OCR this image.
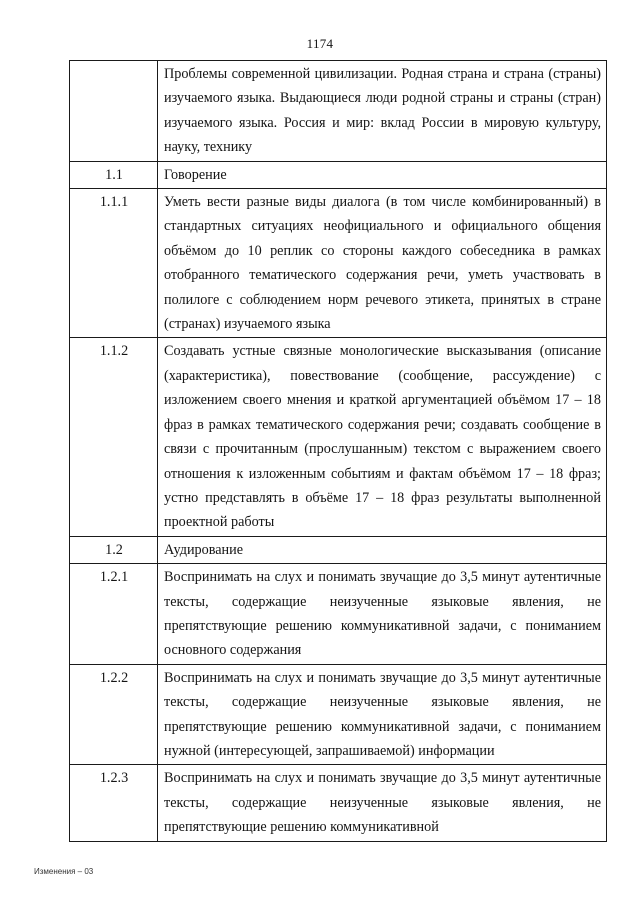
1174
	Проблемы современной цивилизации. Родная страна и страна (страны) изучаемого языка. Выдающиеся люди родной страны и страны (стран) изучаемого языка. Россия и мир: вклад России в мировую культуру, науку, технику
1.1	Говорение
1.1.1	Уметь вести разные виды диалога (в том числе комбинированный) в стандартных ситуациях неофициального и официального общения объёмом до 10 реплик со стороны каждого собеседника в рамках отобранного тематического содержания речи, уметь участвовать в полилоге с соблюдением норм речевого этикета, принятых в стране (странах) изучаемого языка
1.1.2	Создавать устные связные монологические высказывания (описание (характеристика), повествование (сообщение, рассуждение) с изложением своего мнения и краткой аргументацией объёмом 17 – 18 фраз в рамках тематического содержания речи; создавать сообщение в связи с прочитанным (прослушанным) текстом с выражением своего отношения к изложенным событиям и фактам объёмом 17 – 18 фраз; устно представлять в объёме 17 – 18 фраз результаты выполненной проектной работы
1.2	Аудирование
1.2.1	Воспринимать на слух и понимать звучащие до 3,5 минут аутентичные тексты, содержащие неизученные языковые явления, не препятствующие решению коммуникативной задачи, с пониманием основного содержания
1.2.2	Воспринимать на слух и понимать звучащие до 3,5 минут аутентичные тексты, содержащие неизученные языковые явления, не препятствующие решению коммуникативной задачи, с пониманием нужной (интересующей, запрашиваемой) информации
1.2.3	Воспринимать на слух и понимать звучащие до 3,5 минут аутентичные тексты, содержащие неизученные языковые явления, не препятствующие решению коммуникативной
Изменения – 03
